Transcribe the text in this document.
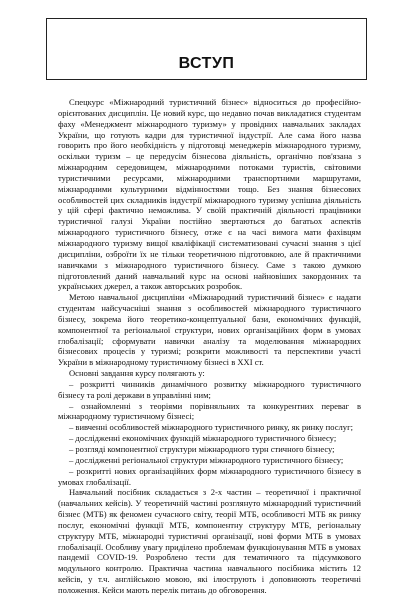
ВСТУП

Спецкурс «Міжнародний туристичний бізнес» відноситься до професійно-орієнтованих дисциплін. Це новий курс, що недавно почав викладатися студентам фаху «Менеджмент міжнародного туризму» у провідних навчальних закладах України, що готують кадри для туристичної індустрії. Але сама його назва говорить про його необхідність у підготовці менеджерів міжнародного туризму, оскільки туризм – це передусім бізнесова діяльність, органічно пов'язана з міжнародним середовищем, міжнародними потоками туристів, світовими туристичними ресурсами, міжнародними транспортними маршрутами, міжнародними культурними відмінностями тощо. Без знання бізнесових особливостей цих складників індустрії міжнародного туризму успішна діяльність у цій сфері фактично неможлива. У своїй практичній діяльності працівники туристичної галузі України постійно звертаються до багатьох аспектів міжнародного туристичного бізнесу, отже є на часі вимога мати фахівцям міжнародного туризму вищої кваліфікації систематизовані сучасні знання з цієї дисципліни, озброїти їх не тільки теоретичною підготовкою, але й практичними навичками з міжнародного туристичного бізнесу. Саме з такою думкою підготовлений даний навчальний курс на основі найновіших закордонних та українських джерел, а також авторських розробок.

Метою навчальної дисципліни «Міжнародний туристичний бізнес» є надати студентам найсучасніші знання з особливостей міжнародного туристичного бізнесу, зокрема його теоретико-концептуальної бази, економічних функцій, компонентної та регіональної структури, нових організаційних форм в умовах глобалізації; сформувати навички аналізу та моделювання міжнародних бізнесових процесів у туризмі; розкрити можливості та перспективи участі України в міжнародному туристичному бізнесі в XXI ст.

Основні завдання курсу полягають у:

– розкритті чинників динамічного розвитку міжнародного туристичного бізнесу та ролі держави в управлінні ним;
– ознайомленні з теоріями порівняльних та конкурентних переваг в міжнародному туристичному бізнесі;
– вивченні особливостей міжнародного туристичного ринку, як ринку послуг;
– дослідженні економічних функцій міжнародного туристичного бізнесу;
– розгляді компонентної структури міжнародного турн стичного бізнесу;
– дослідженні регіональної структури міжнародного туристичного бізнесу;
– розкритті нових організаційних форм міжнародного туристичного бізнесу в умовах глобалізації.

Навчальний посібник складається з 2-х частин – теоретичної і практичної (навчальних кейсів). У теоретичній частині розглянуто міжнародний туристичний бізнес (МТБ) як феномен сучасного світу, теорії МТБ, особливості МТБ як ринку послуг, економічні функції МТБ, компонентну структуру МТБ, регіональну структуру МТБ, міжнародні туристичні організації, нові форми МТБ в умовах глобалізації. Особливу увагу приділено проблемам функціонування МТБ в умовах пандемії COVID-19. Розроблено тести для тематичного та підсумкового модульного контролю. Практична частина навчального посібника містить 12 кейсів, у т.ч. англійською мовою, які ілюструють і доповнюють теоретичні положення. Кейси мають перелік питань до обговорення.
